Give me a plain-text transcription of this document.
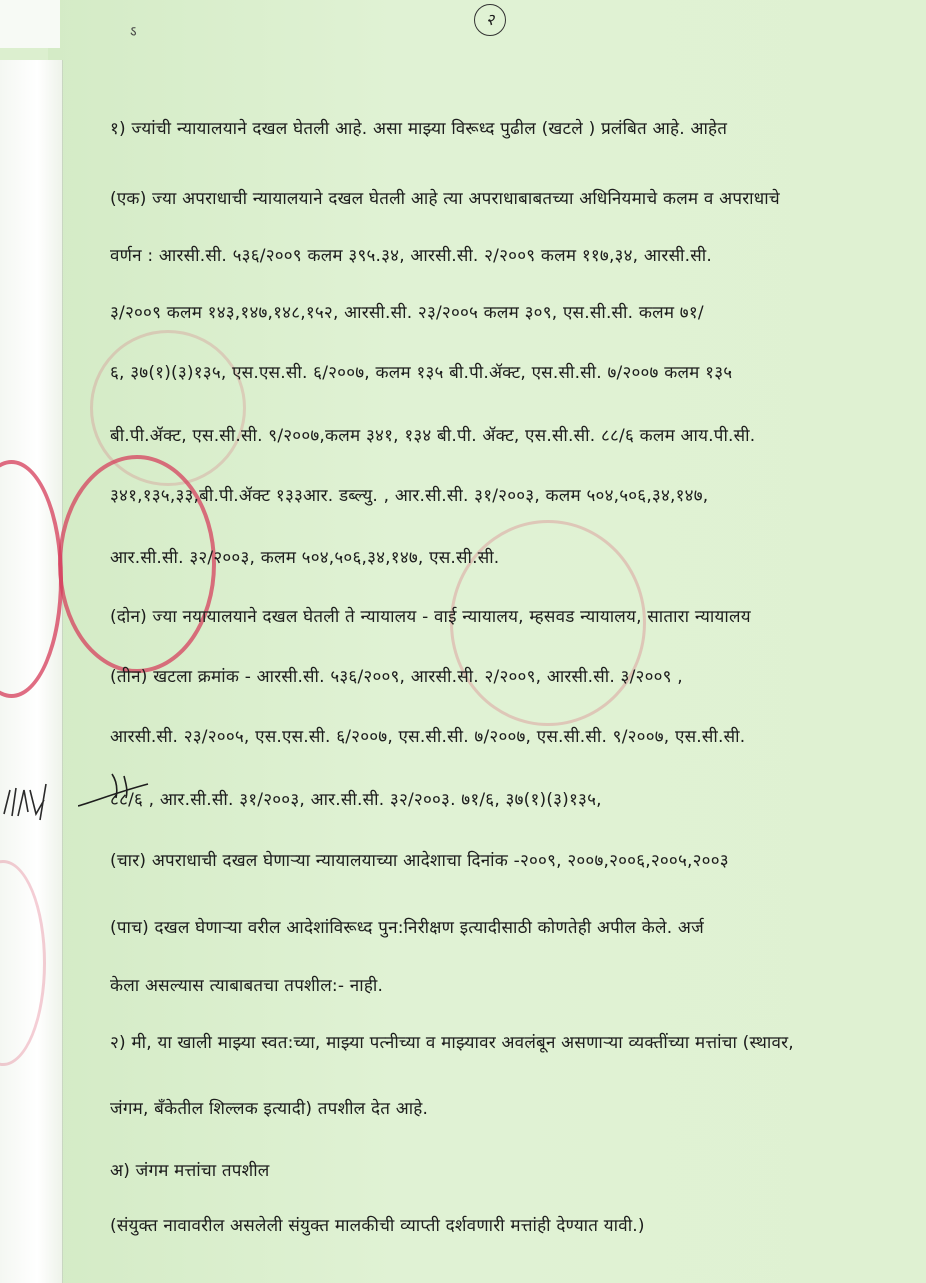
ऽ
२
१) ज्यांची न्यायालयाने दखल घेतली आहे. असा माझ्या विरूध्द पुढील (खटले ) प्रलंबित आहे. आहेत
(एक) ज्या अपराधाची न्यायालयाने दखल घेतली आहे त्या अपराधाबाबतच्या अधिनियमाचे कलम व अपराधाचे
वर्णन : आरसी.सी. ५३६/२००९ कलम ३९५.३४, आरसी.सी. २/२००९ कलम ११७,३४, आरसी.सी.
३/२००९ कलम १४३,१४७,१४८,१५२, आरसी.सी. २३/२००५ कलम ३०९, एस.सी.सी. कलम ७१/
६, ३७(१)(३)१३५, एस.एस.सी. ६/२००७, कलम १३५ बी.पी.ॲक्ट, एस.सी.सी. ७/२००७ कलम १३५
बी.पी.ॲक्ट, एस.सी.सी. ९/२००७,कलम ३४१, १३४ बी.पी. ॲक्ट, एस.सी.सी. ८८/६ कलम आय.पी.सी.
३४१,१३५,३३,बी.पी.ॲक्ट १३३आर. डब्ल्यु. , आर.सी.सी. ३१/२००३, कलम ५०४,५०६,३४,१४७,
आर.सी.सी. ३२/२००३, कलम ५०४,५०६,३४,१४७, एस.सी.सी.
(दोन) ज्या नयायालयाने दखल घेतली ते न्यायालय - वाई न्यायालय, म्हसवड न्यायालय, सातारा न्यायालय
(तीन) खटला क्रमांक - आरसी.सी. ५३६/२००९, आरसी.सी. २/२००९, आरसी.सी. ३/२००९ ,
आरसी.सी. २३/२००५, एस.एस.सी. ६/२००७, एस.सी.सी. ७/२००७, एस.सी.सी. ९/२००७, एस.सी.सी.
८८/६ , आर.सी.सी. ३१/२००३, आर.सी.सी. ३२/२००३. ७१/६, ३७(१)(३)१३५,
(चार) अपराधाची दखल घेणाऱ्या न्यायालयाच्या आदेशाचा दिनांक -२००९, २००७,२००६,२००५,२००३
(पाच) दखल घेणाऱ्या वरील आदेशांविरूध्द पुन:निरीक्षण इत्यादीसाठी कोणतेही अपील केले. अर्ज
केला असल्यास त्याबाबतचा तपशील:- नाही.
२) मी, या खाली माझ्या स्वत:च्या, माझ्या पत्नीच्या व माझ्यावर अवलंबून असणाऱ्या व्यक्तींच्या मत्तांचा (स्थावर,
जंगम, बँकेतील शिल्लक इत्यादी) तपशील देत आहे.
अ) जंगम मत्तांचा तपशील
(संयुक्त नावावरील असलेली संयुक्त मालकीची व्याप्ती दर्शवणारी मत्तांही देण्यात यावी.)
